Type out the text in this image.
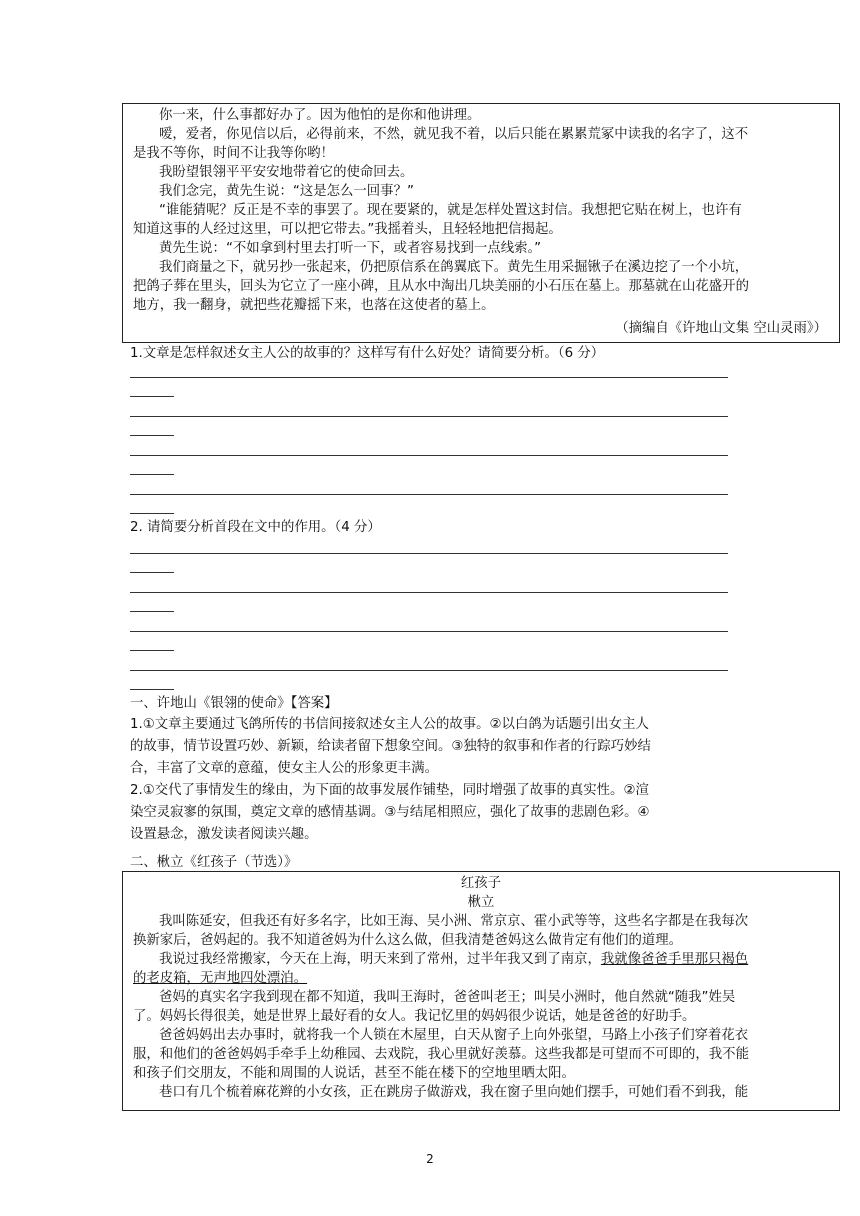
你一来，什么事都好办了。因为他怕的是你和他讲理。
嗳，爱者，你见信以后，必得前来，不然，就见我不着，以后只能在累累荒冢中读我的名字了，这不
是我不等你，时间不让我等你哟！
我盼望银翎平平安安地带着它的使命回去。
我们念完，黄先生说：“这是怎么一回事？”
“谁能猜呢？反正是不幸的事罢了。现在要紧的，就是怎样处置这封信。我想把它贴在树上，也许有
知道这事的人经过这里，可以把它带去。”我摇着头，且轻轻地把信揭起。
黄先生说：“不如拿到村里去打听一下，或者容易找到一点线索。”
我们商量之下，就另抄一张起来，仍把原信系在鸽翼底下。黄先生用采掘锹子在溪边挖了一个小坑，
把鸽子葬在里头，回头为它立了一座小碑，且从水中淘出几块美丽的小石压在墓上。那墓就在山花盛开的
地方，我一翻身，就把些花瓣摇下来，也落在这使者的墓上。
（摘编自《许地山文集 空山灵雨》）
1.文章是怎样叙述女主人公的故事的？这样写有什么好处？请简要分析。（6 分）
2. 请简要分析首段在文中的作用。（4 分）
一、许地山《银翎的使命》【答案】
1.①文章主要通过飞鸽所传的书信间接叙述女主人公的故事。②以白鸽为话题引出女主人
的故事，情节设置巧妙、新颖，给读者留下想象空间。③独特的叙事和作者的行踪巧妙结
合，丰富了文章的意蕴，使女主人公的形象更丰满。
2.①交代了事情发生的缘由，为下面的故事发展作铺垫，同时增强了故事的真实性。②渲
染空灵寂寥的氛围，奠定文章的感情基调。③与结尾相照应，强化了故事的悲剧色彩。④
设置悬念，激发读者阅读兴趣。
二、楸立《红孩子（节选）》
红孩子
楸立
我叫陈延安，但我还有好多名字，比如王海、吴小洲、常京京、霍小武等等，这些名字都是在我每次
换新家后，爸妈起的。我不知道爸妈为什么这么做，但我清楚爸妈这么做肯定有他们的道理。
我说过我经常搬家，今天在上海，明天来到了常州，过半年我又到了南京，我就像爸爸手里那只褐色
的老皮箱，无声地四处漂泊。
爸妈的真实名字我到现在都不知道，我叫王海时，爸爸叫老王；叫吴小洲时，他自然就“随我”姓吴
了。妈妈长得很美，她是世界上最好看的女人。我记忆里的妈妈很少说话，她是爸爸的好助手。
爸爸妈妈出去办事时，就将我一个人锁在木屋里，白天从窗子上向外张望，马路上小孩子们穿着花衣
服，和他们的爸爸妈妈手牵手上幼稚园、去戏院，我心里就好羡慕。这些我都是可望而不可即的，我不能
和孩子们交朋友，不能和周围的人说话，甚至不能在楼下的空地里晒太阳。
巷口有几个梳着麻花辫的小女孩，正在跳房子做游戏，我在窗子里向她们摆手，可她们看不到我，能
2
